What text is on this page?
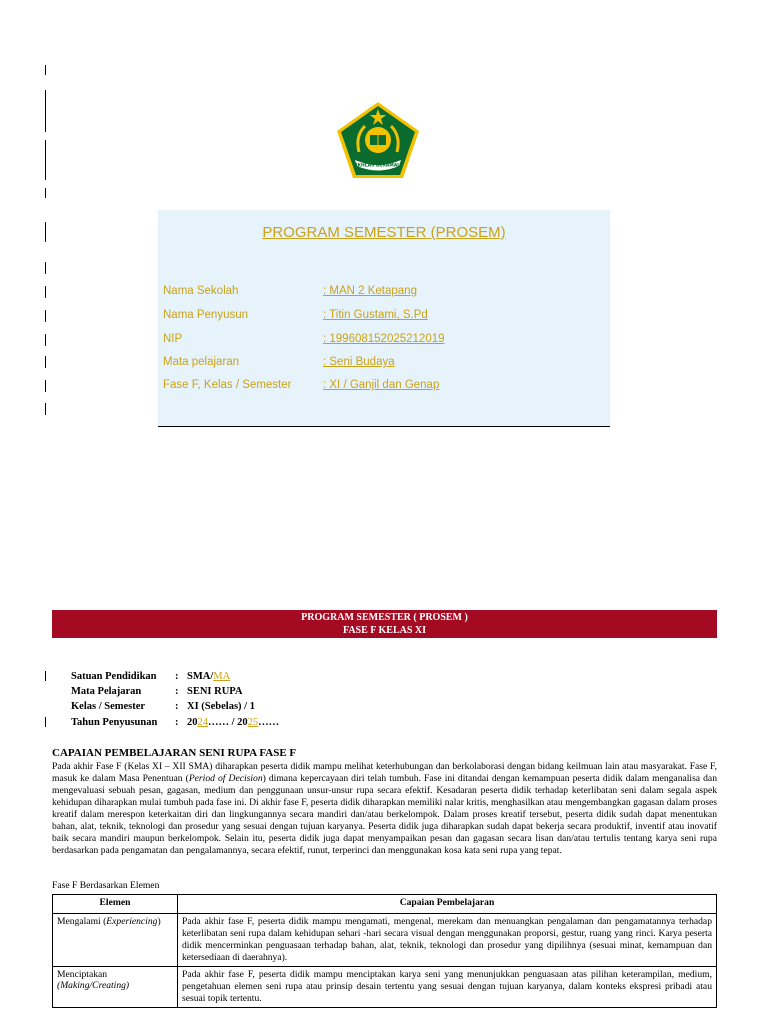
IKHLAS BERAMAL
PROGRAM SEMESTER (PROSEM)
Nama Sekolah	: MAN 2 Ketapang
Nama Penyusun	: Titin Gustami, S.Pd
NIP	: 199608152025212019
Mata pelajaran	: Seni Budaya
Fase F, Kelas / Semester	: XI / Ganjil dan Genap
PROGRAM SEMESTER ( PROSEM )
FASE F KELAS XI
Satuan Pendidikan : SMA/MA
Mata Pelajaran	: SENI RUPA
Kelas / Semester	: XI (Sebelas) / 1
Tahun Penyusunan : 2024…… / 2025……
CAPAIAN PEMBELAJARAN SENI RUPA FASE F
Pada akhir Fase F (Kelas XI – XII SMA) diharapkan peserta didik mampu melihat keterhubungan dan berkolaborasi dengan bidang keilmuan lain atau masyarakat. Fase F, masuk ke dalam Masa Penentuan (Period of Decision) dimana kepercayaan diri telah tumbuh. Fase ini ditandai dengan kemampuan peserta didik dalam menganalisa dan mengevaluasi sebuah pesan, gagasan, medium dan penggunaan unsur-unsur rupa secara efektif. Kesadaran peserta didik terhadap keterlibatan seni dalam segala aspek kehidupan diharapkan mulai tumbuh pada fase ini. Di akhir fase F, peserta didik diharapkan memiliki nalar kritis, menghasilkan atau mengembangkan gagasan dalam proses kreatif dalam merespon keterkaitan diri dan lingkungannya secara mandiri dan/atau berkelompok. Dalam proses kreatif tersebut, peserta didik sudah dapat menentukan bahan, alat, teknik, teknologi dan prosedur yang sesuai dengan tujuan karyanya. Peserta didik juga diharapkan sudah dapat bekerja secara produktif, inventif atau inovatif baik secara mandiri maupun berkelompok. Selain itu, peserta didik juga dapat menyampaikan pesan dan gagasan secara lisan dan/atau tertulis tentang karya seni rupa berdasarkan pada pengamatan dan pengalamannya, secara efektif, runut, terperinci dan menggunakan kosa kata seni rupa yang tepat.
Fase F Berdasarkan Elemen
Elemen	Capaian Pembelajaran
Mengalami (Experiencing)	Pada akhir fase F, peserta didik mampu mengamati, mengenal, merekam dan menuangkan pengalaman dan pengamatannya terhadap keterlibatan seni rupa dalam kehidupan sehari -hari secara visual dengan menggunakan proporsi, gestur, ruang yang rinci. Karya peserta didik mencerminkan penguasaan terhadap bahan, alat, teknik, teknologi dan prosedur yang dipilihnya (sesuai minat, kemampuan dan ketersediaan di daerahnya).
Menciptakan
(Making/Creating)	Pada akhir fase F, peserta didik mampu menciptakan karya seni yang menunjukkan penguasaan atas pilihan keterampilan, medium, pengetahuan elemen seni rupa atau prinsip desain tertentu yang sesuai dengan tujuan karyanya, dalam konteks ekspresi pribadi atau sesuai topik tertentu.
